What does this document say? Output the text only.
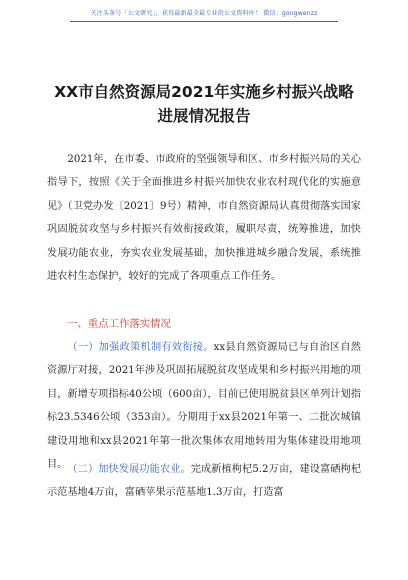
关注头条号「公文研究」，获得最新最全最专业的公文资料库！ 微信：gongwenzz
XX市自然资源局2021年实施乡村振兴战略
进展情况报告

2021年，在市委、市政府的坚强领导和区、市乡村振兴局的关心指导下，按照《关于全面推进乡村振兴加快农业农村现代化的实施意见》（卫党办发〔2021〕9号）精神，市自然资源局认真贯彻落实国家巩固脱贫攻坚与乡村振兴有效衔接政策，履职尽责，统筹推进，加快发展功能农业，夯实农业发展基础，加快推进城乡融合发展，系统推进农村生态保护，较好的完成了各项重点工作任务。

一、重点工作落实情况

（一）加强政策机制有效衔接。xx县自然资源局已与自治区自然资源厅对接，2021年涉及巩固拓展脱贫攻坚成果和乡村振兴用地的项目，新增专项指标40公顷（600亩），目前已使用脱贫县区单列计划指标23.5346公顷（353亩）。分期用于xx县2021年第一、二批次城镇建设用地和xx县2021年第一批次集体农用地转用为集体建设用地项目。 （二）加快发展功能农业。完成新植枸杞5.2万亩，建设富硒枸杞示范基地4万亩，富硒苹果示范基地1.3万亩，打造富
